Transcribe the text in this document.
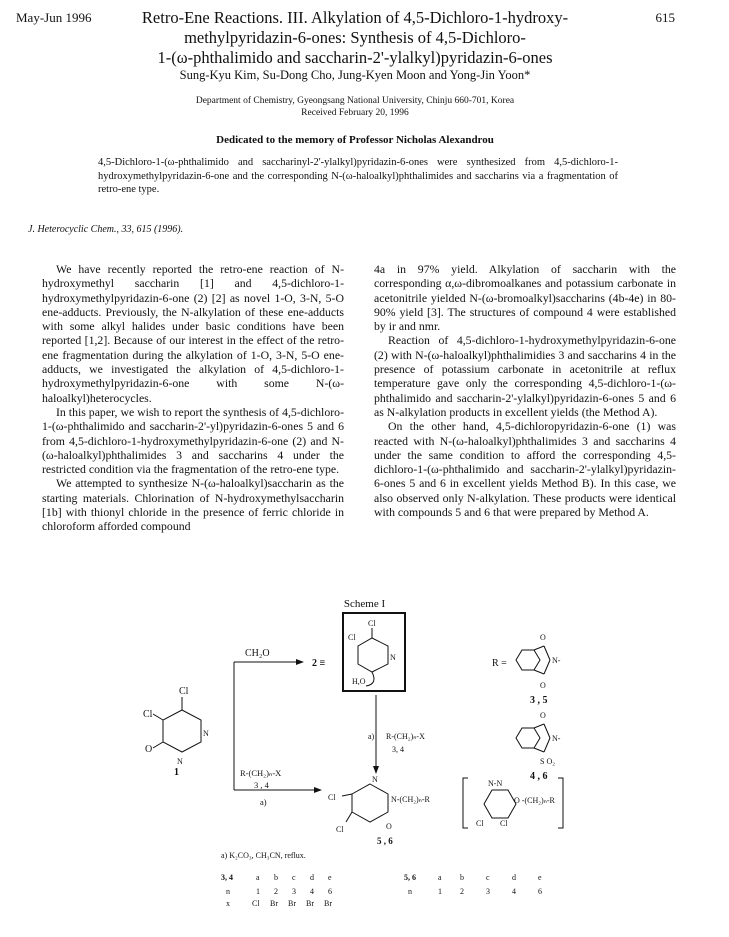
May-Jun 1996	615
Retro-Ene Reactions. III. Alkylation of 4,5-Dichloro-1-hydroxy-
methylpyridazin-6-ones: Synthesis of 4,5-Dichloro-
1-(ω-phthalimido and saccharin-2'-ylalkyl)pyridazin-6-ones
Sung-Kyu Kim, Su-Dong Cho, Jung-Kyen Moon and Yong-Jin Yoon*
Department of Chemistry, Gyeongsang National University, Chinju 660-701, Korea
Received February 20, 1996
Dedicated to the memory of Professor Nicholas Alexandrou
4,5-Dichloro-1-(ω-phthalimido and saccharinyl-2'-ylalkyl)pyridazin-6-ones were synthesized from 4,5-dichloro-1-hydroxymethylpyridazin-6-one and the corresponding N-(ω-haloalkyl)phthalimides and saccharins via a fragmentation of retro-ene type.
J. Heterocyclic Chem., 33, 615 (1996).

We have recently reported the retro-ene reaction of N-hydroxymethyl saccharin [1] and 4,5-dichloro-1-hydroxymethylpyridazin-6-one (2) [2] as novel 1-O, 3-N, 5-O ene-adducts. Previously, the N-alkylation of these ene-adducts with some alkyl halides under basic conditions have been reported [1,2]. Because of our interest in the effect of the retro-ene fragmentation during the alkylation of 1-O, 3-N, 5-O ene-adducts, we investigated the alkylation of 4,5-dichloro-1-hydroxymethylpyridazin-6-one with some N-(ω-haloalkyl)heterocycles.

In this paper, we wish to report the synthesis of 4,5-dichloro-1-(ω-phthalimido and saccharin-2'-yl)pyridazin-6-ones 5 and 6 from 4,5-dichloro-1-hydroxymethylpyridazin-6-one (2) and N-(ω-haloalkyl)phthalimides 3 and saccharins 4 under the restricted condition via the fragmentation of the retro-ene type.

We attempted to synthesize N-(ω-haloalkyl)saccharin as the starting materials. Chlorination of N-hydroxymethylsaccharin [1b] with thionyl chloride in the presence of ferric chloride in chloroform afforded compound

4a in 97% yield. Alkylation of saccharin with the corresponding α,ω-dibromoalkanes and potassium carbonate in acetonitrile yielded N-(ω-bromoalkyl)saccharins (4b-4e) in 80-90% yield [3]. The structures of compound 4 were established by ir and nmr.

Reaction of 4,5-dichloro-1-hydroxymethylpyridazin-6-one (2) with N-(ω-haloalkyl)phthalimidies 3 and saccharins 4 in the presence of potassium carbonate in acetonitrile at reflux temperature gave only the corresponding 4,5-dichloro-1-(ω-phthalimido and saccharin-2'-ylalkyl)pyridazin-6-ones 5 and 6 as N-alkylation products in excellent yields (the Method A).

On the other hand, 4,5-dichloropyridazin-6-one (1) was reacted with N-(ω-haloalkyl)phthalimides 3 and saccharins 4 under the same condition to afford the corresponding 4,5-dichloro-1-(ω-phthalimido and saccharin-2'-ylalkyl)pyridazin-6-ones 5 and 6 in excellent yields Method B). In this case, we also observed only N-alkylation. These products were identical with compounds 5 and 6 that were prepared by Method A.

Scheme I
Cl
Cl
O
N
N
1
CH₂O
2 ≡
Cl
Cl
H,O
N
R =
O
N-
O
3 , 5
O
N-
S O₂
4 , 6
a) R-(CH₂)ₙ-X
3, 4
R-(CH₂)ₙ-X
3 , 4
a)	Cl
Cl
N
O
N-(CH₂)ₙ-R
5 , 6
N-N
O -(CH₂)ₙ-R
Cl Cl
a) K₂CO₃, CH₃CN, reflux.
3, 4	a b c d e
n	1 2 3 4 6
x	Cl Br Br Br Br
5, 6	a b	c	d	e
n	1 2	3	4	6
